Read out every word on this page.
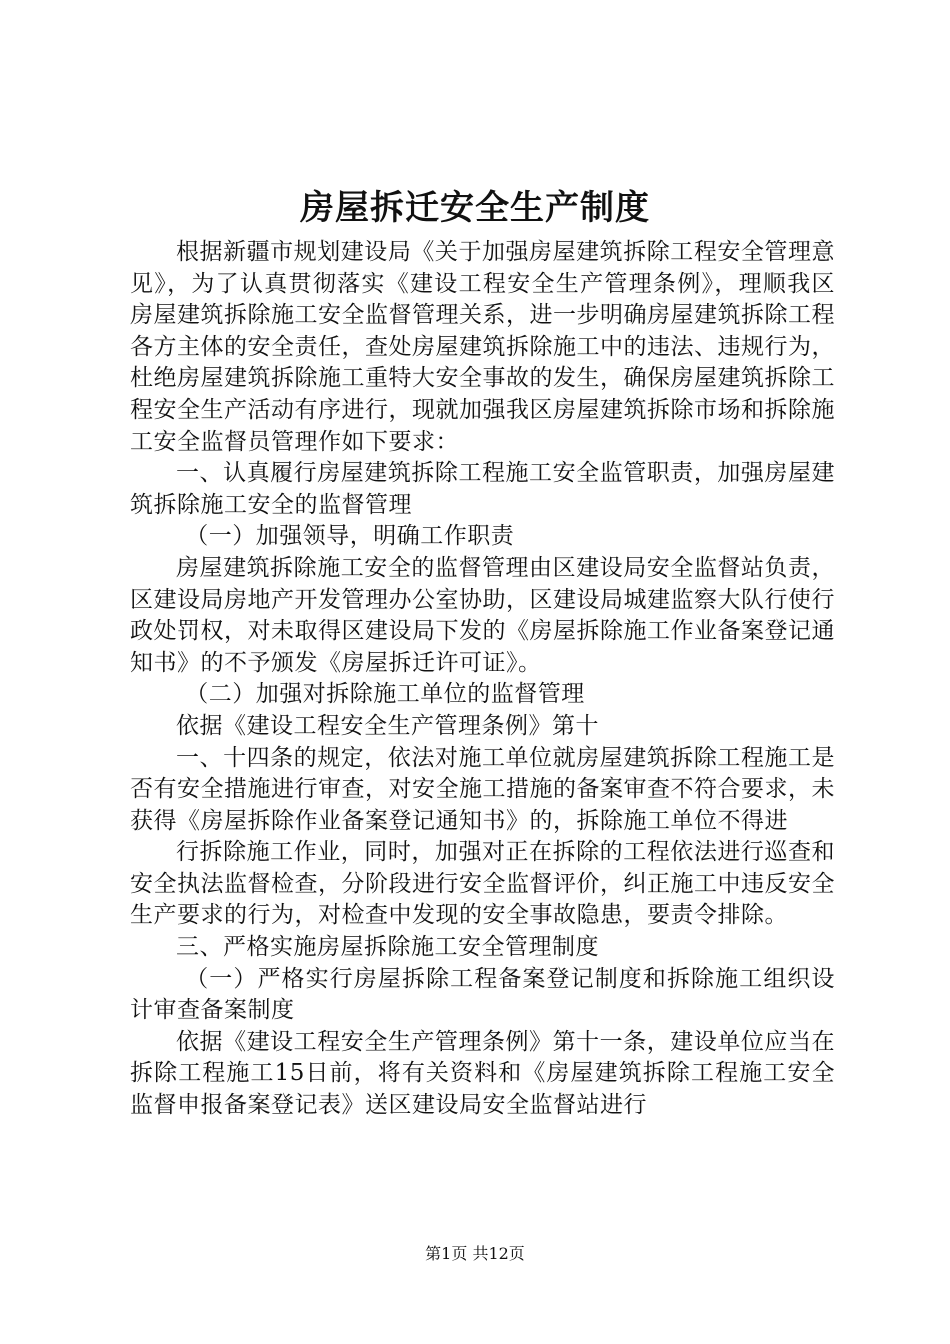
房屋拆迁安全生产制度

根据新疆市规划建设局《关于加强房屋建筑拆除工程安全管理意见》，为了认真贯彻落实《建设工程安全生产管理条例》，理顺我区房屋建筑拆除施工安全监督管理关系，进一步明确房屋建筑拆除工程各方主体的安全责任，查处房屋建筑拆除施工中的违法、违规行为，杜绝房屋建筑拆除施工重特大安全事故的发生，确保房屋建筑拆除工程安全生产活动有序进行，现就加强我区房屋建筑拆除市场和拆除施工安全监督员管理作如下要求：

一、认真履行房屋建筑拆除工程施工安全监管职责，加强房屋建筑拆除施工安全的监督管理

（一）加强领导，明确工作职责

房屋建筑拆除施工安全的监督管理由区建设局安全监督站负责，区建设局房地产开发管理办公室协助，区建设局城建监察大队行使行政处罚权，对未取得区建设局下发的《房屋拆除施工作业备案登记通知书》的不予颁发《房屋拆迁许可证》。

（二）加强对拆除施工单位的监督管理

依据《建设工程安全生产管理条例》第十

一、十四条的规定，依法对施工单位就房屋建筑拆除工程施工是否有安全措施进行审查，对安全施工措施的备案审查不符合要求，未获得《房屋拆除作业备案登记通知书》的，拆除施工单位不得进

行拆除施工作业，同时，加强对正在拆除的工程依法进行巡查和安全执法监督检查，分阶段进行安全监督评价，纠正施工中违反安全生产要求的行为，对检查中发现的安全事故隐患，要责令排除。

三、严格实施房屋拆除施工安全管理制度

（一）严格实行房屋拆除工程备案登记制度和拆除施工组织设计审查备案制度

依据《建设工程安全生产管理条例》第十一条，建设单位应当在拆除工程施工15日前，将有关资料和《房屋建筑拆除工程施工安全监督申报备案登记表》送区建设局安全监督站进行

第1页 共12页
